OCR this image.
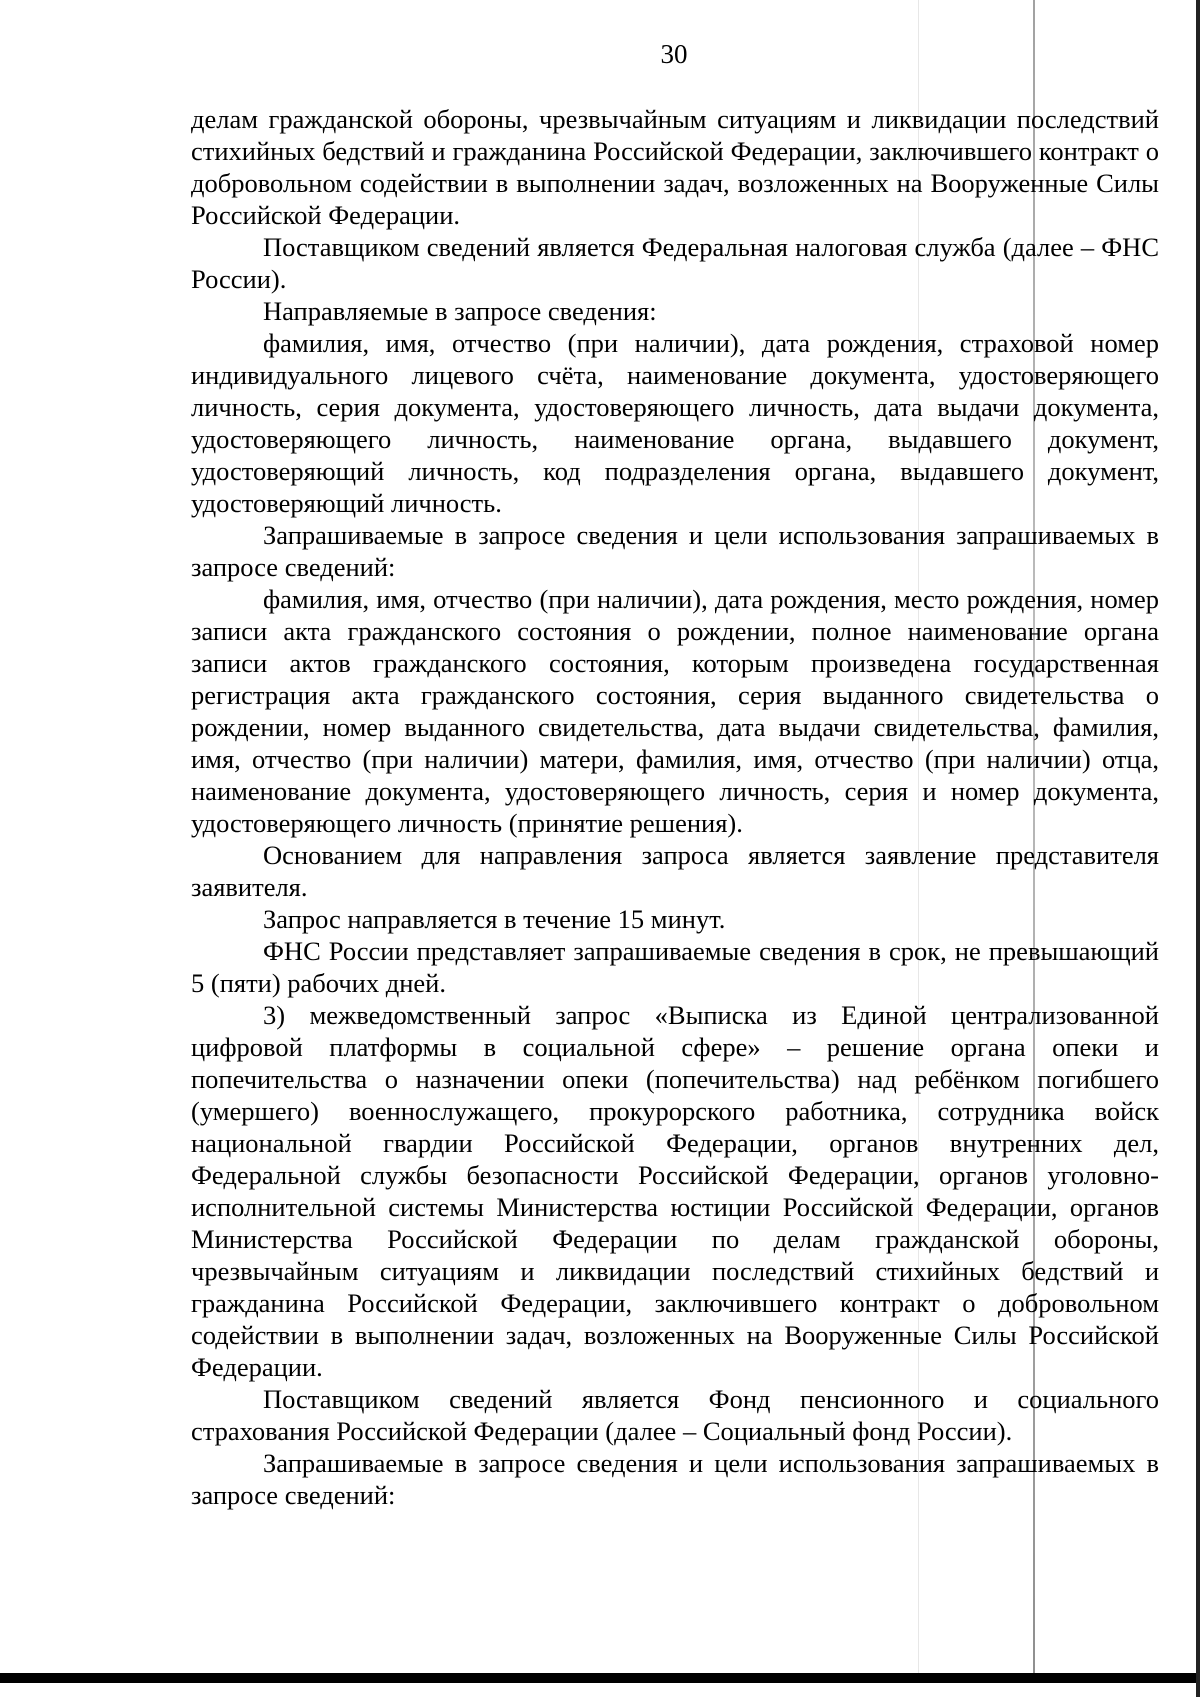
30

делам гражданской обороны, чрезвычайным ситуациям и ликвидации последствий стихийных бедствий и гражданина Российской Федерации, заключившего контракт о добровольном содействии в выполнении задач, возложенных на Вооруженные Силы Российской Федерации.

Поставщиком сведений является Федеральная налоговая служба (далее – ФНС России).

Направляемые в запросе сведения:

фамилия, имя, отчество (при наличии), дата рождения, страховой номер индивидуального лицевого счёта, наименование документа, удостоверяющего личность, серия документа, удостоверяющего личность, дата выдачи документа, удостоверяющего личность, наименование органа, выдавшего документ, удостоверяющий личность, код подразделения органа, выдавшего документ, удостоверяющий личность.

Запрашиваемые в запросе сведения и цели использования запрашиваемых в запросе сведений:

фамилия, имя, отчество (при наличии), дата рождения, место рождения, номер записи акта гражданского состояния о рождении, полное наименование органа записи актов гражданского состояния, которым произведена государственная регистрация акта гражданского состояния, серия выданного свидетельства о рождении, номер выданного свидетельства, дата выдачи свидетельства, фамилия, имя, отчество (при наличии) матери, фамилия, имя, отчество (при наличии) отца, наименование документа, удостоверяющего личность, серия и номер документа, удостоверяющего личность (принятие решения).

Основанием для направления запроса является заявление представителя заявителя.

Запрос направляется в течение 15 минут.

ФНС России представляет запрашиваемые сведения в срок, не превышающий 5 (пяти) рабочих дней.

3) межведомственный запрос «Выписка из Единой централизованной цифровой платформы в социальной сфере» – решение органа опеки и попечительства о назначении опеки (попечительства) над ребёнком погибшего (умершего) военнослужащего, прокурорского работника, сотрудника войск национальной гвардии Российской Федерации, органов внутренних дел, Федеральной службы безопасности Российской Федерации, органов уголовно-исполнительной системы Министерства юстиции Российской Федерации, органов Министерства Российской Федерации по делам гражданской обороны, чрезвычайным ситуациям и ликвидации последствий стихийных бедствий и гражданина Российской Федерации, заключившего контракт о добровольном содействии в выполнении задач, возложенных на Вооруженные Силы Российской Федерации.

Поставщиком сведений является Фонд пенсионного и социального страхования Российской Федерации (далее – Социальный фонд России).

Запрашиваемые в запросе сведения и цели использования запрашиваемых в запросе сведений:
